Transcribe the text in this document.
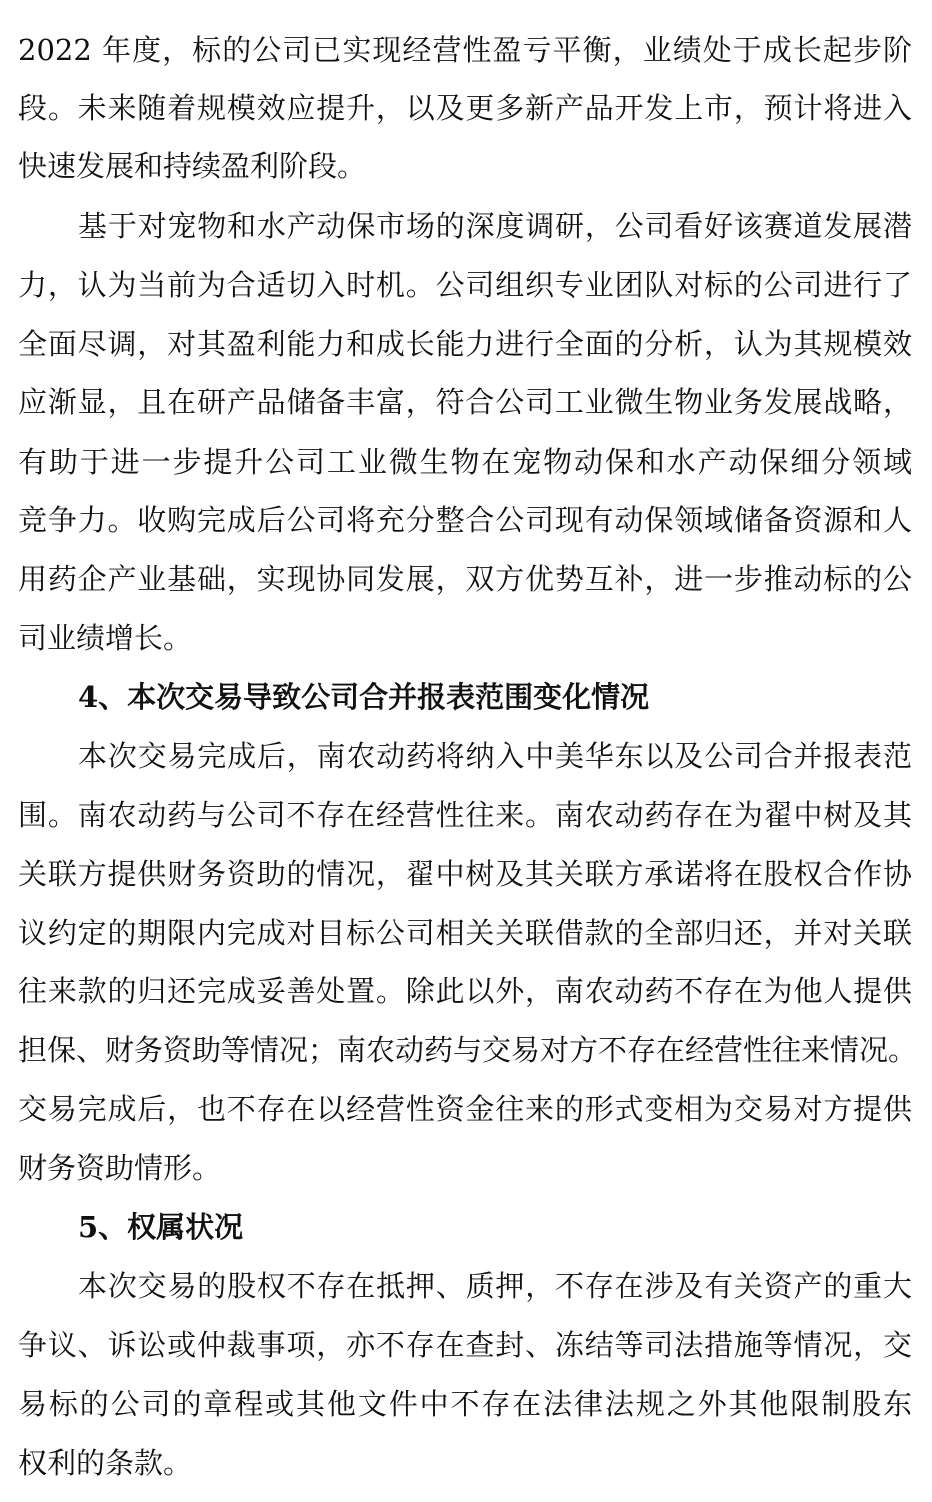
2022 年度，标的公司已实现经营性盈亏平衡，业绩处于成长起步阶
段。未来随着规模效应提升，以及更多新产品开发上市，预计将进入
快速发展和持续盈利阶段。
基于对宠物和水产动保市场的深度调研，公司看好该赛道发展潜
力，认为当前为合适切入时机。公司组织专业团队对标的公司进行了
全面尽调，对其盈利能力和成长能力进行全面的分析，认为其规模效
应渐显，且在研产品储备丰富，符合公司工业微生物业务发展战略，
有助于进一步提升公司工业微生物在宠物动保和水产动保细分领域
竞争力。收购完成后公司将充分整合公司现有动保领域储备资源和人
用药企产业基础，实现协同发展，双方优势互补，进一步推动标的公
司业绩增长。
4、本次交易导致公司合并报表范围变化情况
本次交易完成后，南农动药将纳入中美华东以及公司合并报表范
围。南农动药与公司不存在经营性往来。南农动药存在为翟中树及其
关联方提供财务资助的情况，翟中树及其关联方承诺将在股权合作协
议约定的期限内完成对目标公司相关关联借款的全部归还，并对关联
往来款的归还完成妥善处置。除此以外，南农动药不存在为他人提供
担保、财务资助等情况；南农动药与交易对方不存在经营性往来情况。
交易完成后，也不存在以经营性资金往来的形式变相为交易对方提供
财务资助情形。
5、权属状况
本次交易的股权不存在抵押、质押，不存在涉及有关资产的重大
争议、诉讼或仲裁事项，亦不存在查封、冻结等司法措施等情况，交
易标的公司的章程或其他文件中不存在法律法规之外其他限制股东
权利的条款。
